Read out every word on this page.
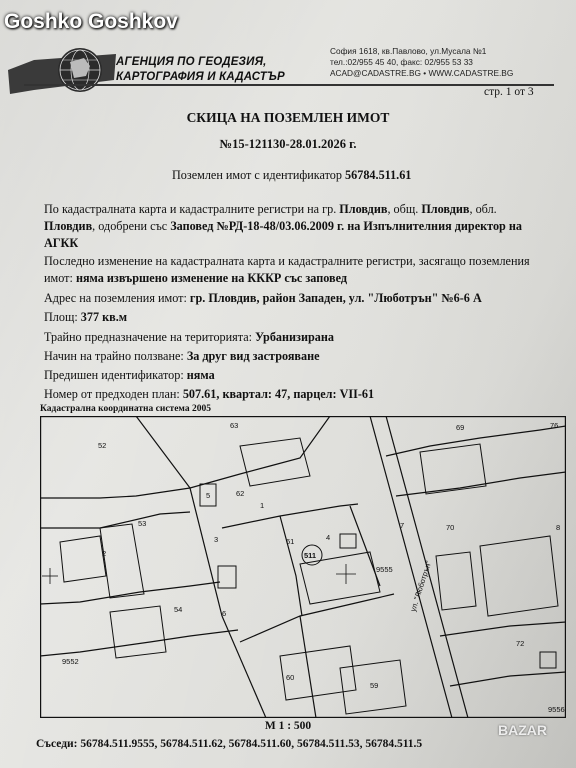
Goshko Goshkov
АГЕНЦИЯ ПО ГЕОДЕЗИЯ,
КАРТОГРАФИЯ И КАДАСТЪР
София 1618, кв.Павлово, ул.Мусала №1
тел.:02/955 45 40, факс: 02/955 53 33
ACAD@CADASTRE.BG • WWW.CADASTRE.BG
стр. 1 от 3
СКИЦА НА ПОЗЕМЛЕН ИМОТ
№15-121130-28.01.2026 г.
Поземлен имот с идентификатор 56784.511.61
По кадастралната карта и кадастралните регистри на гр. Пловдив, общ. Пловдив, обл.
Пловдив, одобрени със Заповед №РД-18-48/03.06.2009 г. на Изпълнителния директор на
АГКК
Последно изменение на кадастралната карта и кадастралните регистри, засягащо поземления
имот: няма извършено изменение на КККР със заповед
Адрес на поземления имот: гр. Пловдив, район Западен, ул. "Люботрън" №6-6 А
Площ: 377 кв.м
Трайно предназначение на територията: Урбанизирана
Начин на трайно ползване: За друг вид застрояване
Предишен идентификатор: няма
Номер от предходен план: 507.61, квартал: 47, парцел: VII-61
Кадастрална координатна система 2005
52
63	69	76
62
53
61
511
70
9555
54
9552
60
59
72
9556
1
2
3	4
5
6
7	8
ул. "Люботрън"
М 1 : 500
Съседи: 56784.511.9555, 56784.511.62, 56784.511.60, 56784.511.53, 56784.511.5
BAZAR
